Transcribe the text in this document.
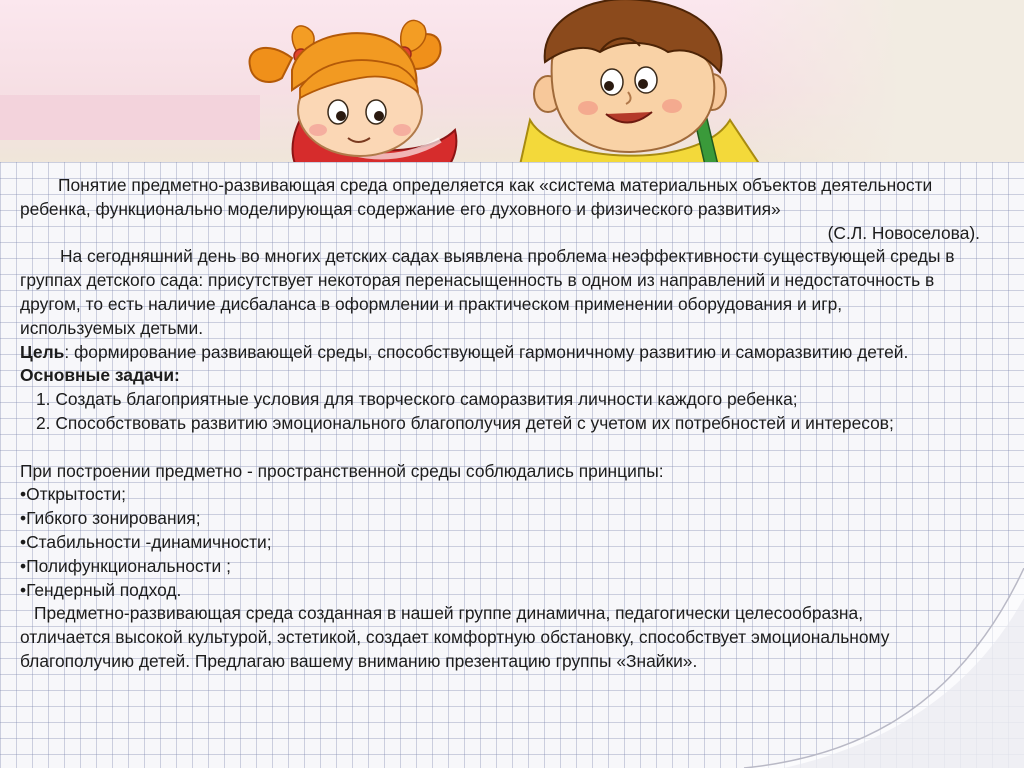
Понятие предметно-развивающая среда определяется как «система материальных объектов деятельности

ребенка, функционально моделирующая содержание его духовного и физического развития»

(С.Л. Новоселова).

На сегодняшний день во многих детских садах выявлена проблема неэффективности существующей среды в

группах детского сада: присутствует некоторая перенасыщенность в одном из направлений и недостаточность в

другом, то есть наличие дисбаланса в оформлении и практическом применении оборудования и игр,

используемых детьми.

Цель: формирование развивающей среды, способствующей гармоничному развитию и саморазвитию детей.

Основные задачи:

1. Создать благоприятные условия для творческого саморазвития личности каждого ребенка;

2. Способствовать развитию эмоционального благополучия детей с учетом их потребностей и интересов;

При построении предметно - пространственной среды соблюдались принципы:

•Открытости;

•Гибкого зонирования;

•Стабильности -динамичности;

•Полифункциональности ;

•Гендерный подход.

Предметно-развивающая среда созданная в нашей группе динамична, педагогически целесообразна,

отличается высокой культурой, эстетикой, создает комфортную обстановку, способствует эмоциональному

благополучию детей. Предлагаю вашему вниманию презентацию группы «Знайки».
